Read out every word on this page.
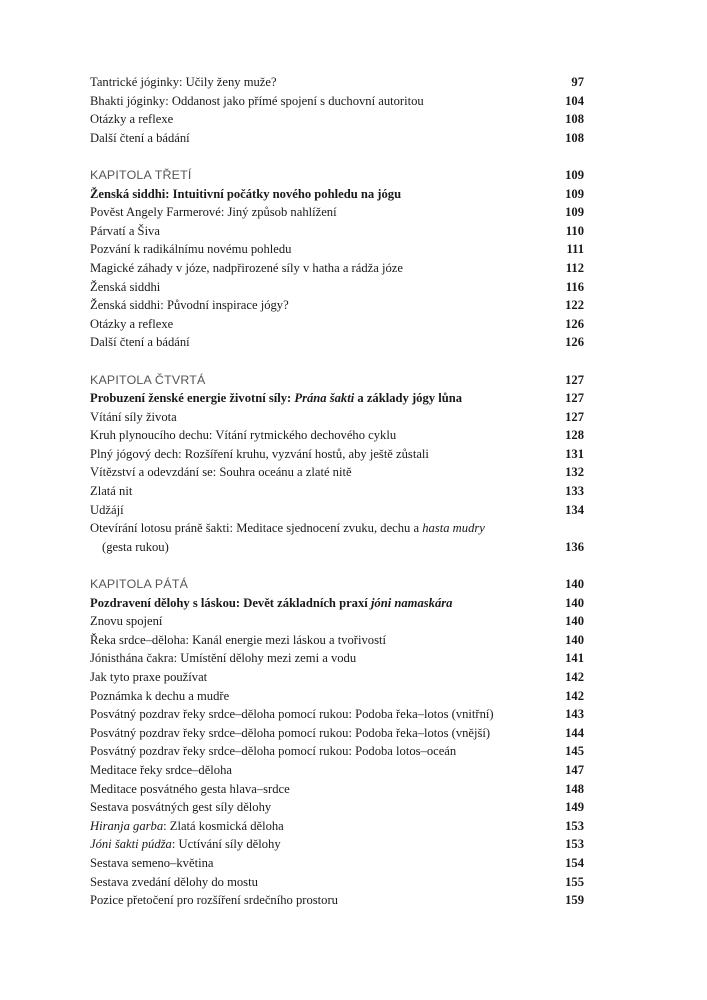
Tantrické jóginky: Učily ženy muže?	97
Bhakti jóginky: Oddanost jako přímé spojení s duchovní autoritou	104
Otázky a reflexe	108
Další čtení a bádání	108
KAPITOLA TŘETÍ	109
Ženská siddhi: Intuitivní počátky nového pohledu na jógu	109
Pověst Angely Farmerové: Jiný způsob nahlížení	109
Párvatí a Šiva	110
Pozvání k radikálnímu novému pohledu	111
Magické záhady v józe, nadpřirozené síly v hatha a rádža józe	112
Ženská siddhi	116
Ženská siddhi: Původní inspirace jógy?	122
Otázky a reflexe	126
Další čtení a bádání	126
KAPITOLA ČTVRTÁ	127
Probuzení ženské energie životní síly: Prána šakti a základy jógy lůna	127
Vítání síly života	127
Kruh plynoucího dechu: Vítání rytmického dechového cyklu	128
Plný jógový dech: Rozšíření kruhu, vyzvání hostů, aby ještě zůstali	131
Vítězství a odevzdání se: Souhra oceánu a zlaté nitě	132
Zlatá nit	133
Udžájí	134
Otevírání lotosu práně šakti: Meditace sjednocení zvuku, dechu a hasta mudry
(gesta rukou)	136
KAPITOLA PÁTÁ	140
Pozdravení dělohy s láskou: Devět základních praxí jóni namaskára	140
Znovu spojení	140
Řeka srdce–děloha: Kanál energie mezi láskou a tvořivostí	140
Jónisthána čakra: Umístění dělohy mezi zemi a vodu	141
Jak tyto praxe používat	142
Poznámka k dechu a mudře	142
Posvátný pozdrav řeky srdce–děloha pomocí rukou: Podoba řeka–lotos (vnitřní)	143
Posvátný pozdrav řeky srdce–děloha pomocí rukou: Podoba řeka–lotos (vnější)	144
Posvátný pozdrav řeky srdce–děloha pomocí rukou: Podoba lotos–oceán	145
Meditace řeky srdce–děloha	147
Meditace posvátného gesta hlava–srdce	148
Sestava posvátných gest síly dělohy	149
Hiranja garba: Zlatá kosmická děloha	153
Jóni šakti púdža: Uctívání síly dělohy	153
Sestava semeno–květina	154
Sestava zvedání dělohy do mostu	155
Pozice přetočení pro rozšíření srdečního prostoru	159
